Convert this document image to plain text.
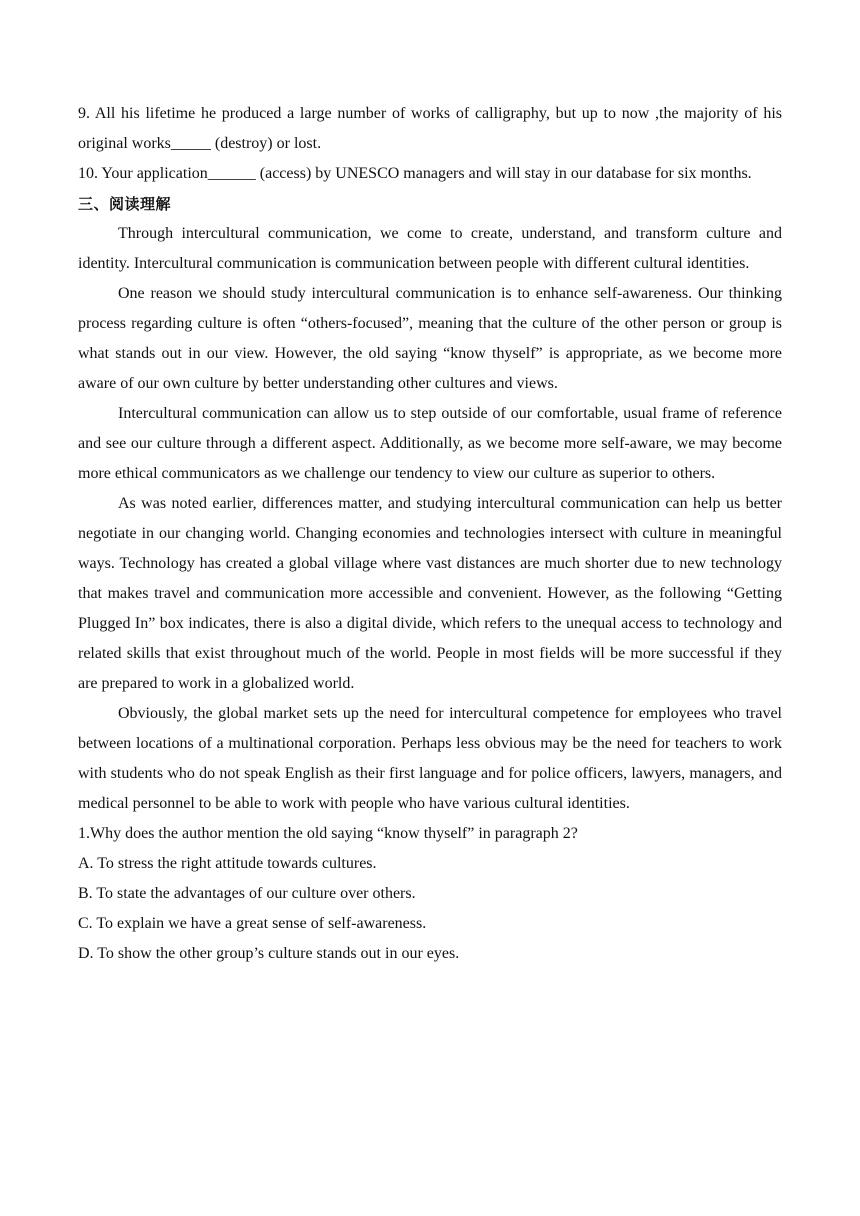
9. All his lifetime he produced a large number of works of calligraphy, but up to now ,the majority of his original works_____ (destroy) or lost.

10. Your application______ (access) by UNESCO managers and will stay in our database for six months.

三、阅读理解

Through intercultural communication, we come to create, understand, and transform culture and identity. Intercultural communication is communication between people with different cultural identities.

One reason we should study intercultural communication is to enhance self-awareness. Our thinking process regarding culture is often “others-focused”, meaning that the culture of the other person or group is what stands out in our view. However, the old saying “know thyself” is appropriate, as we become more aware of our own culture by better understanding other cultures and views.

Intercultural communication can allow us to step outside of our comfortable, usual frame of reference and see our culture through a different aspect. Additionally, as we become more self-aware, we may become more ethical communicators as we challenge our tendency to view our culture as superior to others.

As was noted earlier, differences matter, and studying intercultural communication can help us better negotiate in our changing world. Changing economies and technologies intersect with culture in meaningful ways. Technology has created a global village where vast distances are much shorter due to new technology that makes travel and communication more accessible and convenient. However, as the following “Getting Plugged In” box indicates, there is also a digital divide, which refers to the unequal access to technology and related skills that exist throughout much of the world. People in most fields will be more successful if they are prepared to work in a globalized world.

Obviously, the global market sets up the need for intercultural competence for employees who travel between locations of a multinational corporation. Perhaps less obvious may be the need for teachers to work with students who do not speak English as their first language and for police officers, lawyers, managers, and medical personnel to be able to work with people who have various cultural identities.

1.Why does the author mention the old saying “know thyself” in paragraph 2?

A. To stress the right attitude towards cultures.

B. To state the advantages of our culture over others.

C. To explain we have a great sense of self-awareness.

D. To show the other group’s culture stands out in our eyes.
